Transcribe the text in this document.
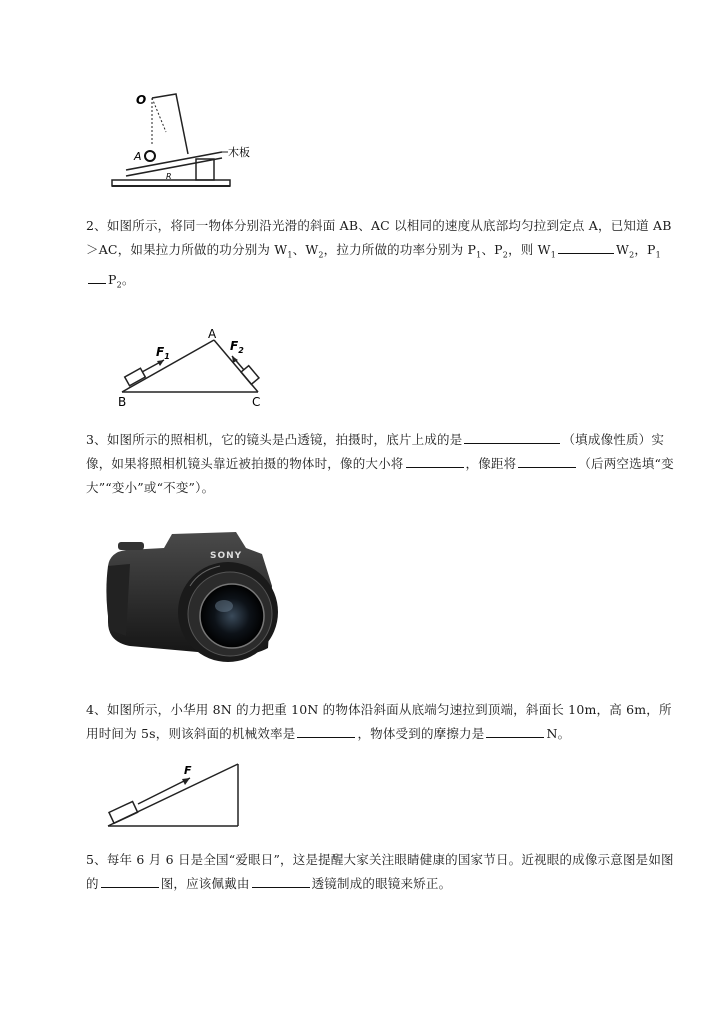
O
A
R
木板
2、如图所示，将同一物体分别沿光滑的斜面 AB、AC 以相同的速度从底部均匀拉到定点 A，已知道 AB＞AC，如果拉力所做的功分别为 $W_1$、$W_2$，拉力所做的功率分别为 $P_1$、$P_2$，则 $W_1$	$W_2$，$P_1P_2$。
A
B	C
$F_1$
$F_2$
3、如图所示的照相机，它的镜头是凸透镜，拍摄时，底片上成的是	（填成像性质）实像，如果将照相机镜头靠近被拍摄的物体时，像的大小将	，像距将	（后两空选填“变大”“变小”或“不变”）。
SONY
4、如图所示，小华用 8N 的力把重 10N 的物体沿斜面从底端匀速拉到顶端，斜面长 10m，高 6m，所用时间为 5s，则该斜面的机械效率是	，物体受到的摩擦力是	N。
F
5、每年 6 月 6 日是全国“爱眼日”，这是提醒大家关注眼睛健康的国家节日。近视眼的成像示意图是如图的	图，应该佩戴由	透镜制成的眼镜来矫正。
